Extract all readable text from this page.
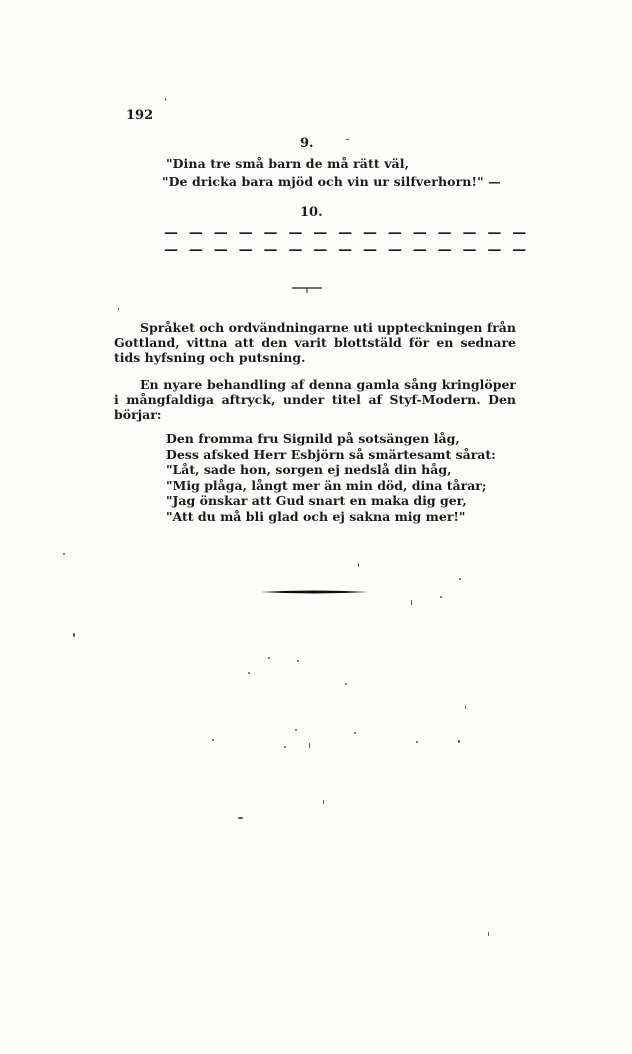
192
9.
"Dina tre små barn de må rätt väl,
"De dricka bara mjöd och vin ur silfverhorn!" —
10.
— — — — — — — — — — — — — — —
— — — — — — — — — — — — — — —

Språket och ordvändningarne uti uppteckningen från Gottland, vittna att den varit blottstäld för en sednare tids hyfsning och putsning.

En nyare behandling af denna gamla sång kringlöper i mångfaldiga aftryck, under titel af Styf-Modern. Den börjar:

Den fromma fru Signild på sotsängen låg,
Dess afsked Herr Esbjörn så smärtesamt sårat:
"Låt, sade hon, sorgen ej nedslå din håg,
"Mig plåga, långt mer än min död, dina tårar;
"Jag önskar att Gud snart en maka dig ger,
"Att du må bli glad och ej sakna mig mer!"
